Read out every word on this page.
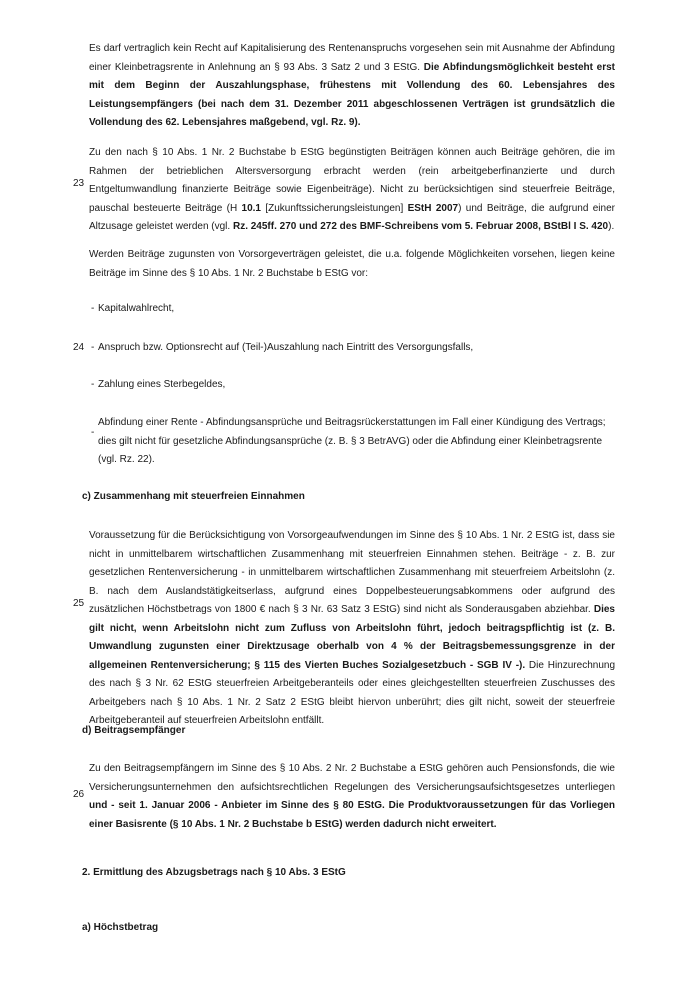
Es darf vertraglich kein Recht auf Kapitalisierung des Rentenanspruchs vorgesehen sein mit Ausnahme der Abfindung einer Kleinbetragsrente in Anlehnung an § 93 Abs. 3 Satz 2 und 3 EStG. Die Abfindungsmöglichkeit besteht erst mit dem Beginn der Auszahlungsphase, frühestens mit Vollendung des 60. Lebensjahres des Leistungsempfängers (bei nach dem 31. Dezember 2011 abgeschlossenen Verträgen ist grundsätzlich die Vollendung des 62. Lebensjahres maßgebend, vgl. Rz. 9).

23

Zu den nach § 10 Abs. 1 Nr. 2 Buchstabe b EStG begünstigten Beiträgen können auch Beiträge gehören, die im Rahmen der betrieblichen Altersversorgung erbracht werden (rein arbeitgeberfinanzierte und durch Entgeltumwandlung finanzierte Beiträge sowie Eigenbeiträge). Nicht zu berücksichtigen sind steuerfreie Beiträge, pauschal besteuerte Beiträge (H 10.1 [Zukunftssicherungsleistungen] EStH 2007) und Beiträge, die aufgrund einer Altzusage geleistet werden (vgl. Rz. 245ff. 270 und 272 des BMF-Schreibens vom 5. Februar 2008, BStBl I S. 420).

Werden Beiträge zugunsten von Vorsorgeverträgen geleistet, die u.a. folgende Möglichkeiten vorsehen, liegen keine Beiträge im Sinne des § 10 Abs. 1 Nr. 2 Buchstabe b EStG vor:

24
- Kapitalwahlrecht,
- Anspruch bzw. Optionsrecht auf (Teil-)Auszahlung nach Eintritt des Versorgungsfalls,
- Zahlung eines Sterbegeldes,
-
Abfindung einer Rente - Abfindungsansprüche und Beitragsrückerstattungen im Fall einer Kündigung des Vertrags; dies gilt nicht für gesetzliche Abfindungsansprüche (z. B. § 3 BetrAVG) oder die Abfindung einer Kleinbetragsrente (vgl. Rz. 22).
c) Zusammenhang mit steuerfreien Einnahmen
25

Voraussetzung für die Berücksichtigung von Vorsorgeaufwendungen im Sinne des § 10 Abs. 1 Nr. 2 EStG ist, dass sie nicht in unmittelbarem wirtschaftlichen Zusammenhang mit steuerfreien Einnahmen stehen. Beiträge - z. B. zur gesetzlichen Rentenversicherung - in unmittelbarem wirtschaftlichen Zusammenhang mit steuerfreiem Arbeitslohn (z. B. nach dem Auslandstätigkeitserlass, aufgrund eines Doppelbesteuerungsabkommens oder aufgrund des zusätzlichen Höchstbetrags von 1800 € nach § 3 Nr. 63 Satz 3 EStG) sind nicht als Sonderausgaben abziehbar. Dies gilt nicht, wenn Arbeitslohn nicht zum Zufluss von Arbeitslohn führt, jedoch beitragspflichtig ist (z. B. Umwandlung zugunsten einer Direktzusage oberhalb von 4 % der Beitragsbemessungsgrenze in der allgemeinen Rentenversicherung; § 115 des Vierten Buches Sozialgesetzbuch - SGB IV -). Die Hinzurechnung des nach § 3 Nr. 62 EStG steuerfreien Arbeitgeberanteils oder eines gleichgestellten steuerfreien Zuschusses des Arbeitgebers nach § 10 Abs. 1 Nr. 2 Satz 2 EStG bleibt hiervon unberührt; dies gilt nicht, soweit der steuerfreie Arbeitgeberanteil auf steuerfreien Arbeitslohn entfällt.

d) Beitragsempfänger
26

Zu den Beitragsempfängern im Sinne des § 10 Abs. 2 Nr. 2 Buchstabe a EStG gehören auch Pensionsfonds, die wie Versicherungsunternehmen den aufsichtsrechtlichen Regelungen des Versicherungsaufsichtsgesetzes unterliegen und - seit 1. Januar 2006 - Anbieter im Sinne des § 80 EStG. Die Produktvoraussetzungen für das Vorliegen einer Basisrente (§ 10 Abs. 1 Nr. 2 Buchstabe b EStG) werden dadurch nicht erweitert.

2. Ermittlung des Abzugsbetrags nach § 10 Abs. 3 EStG
a) Höchstbetrag
